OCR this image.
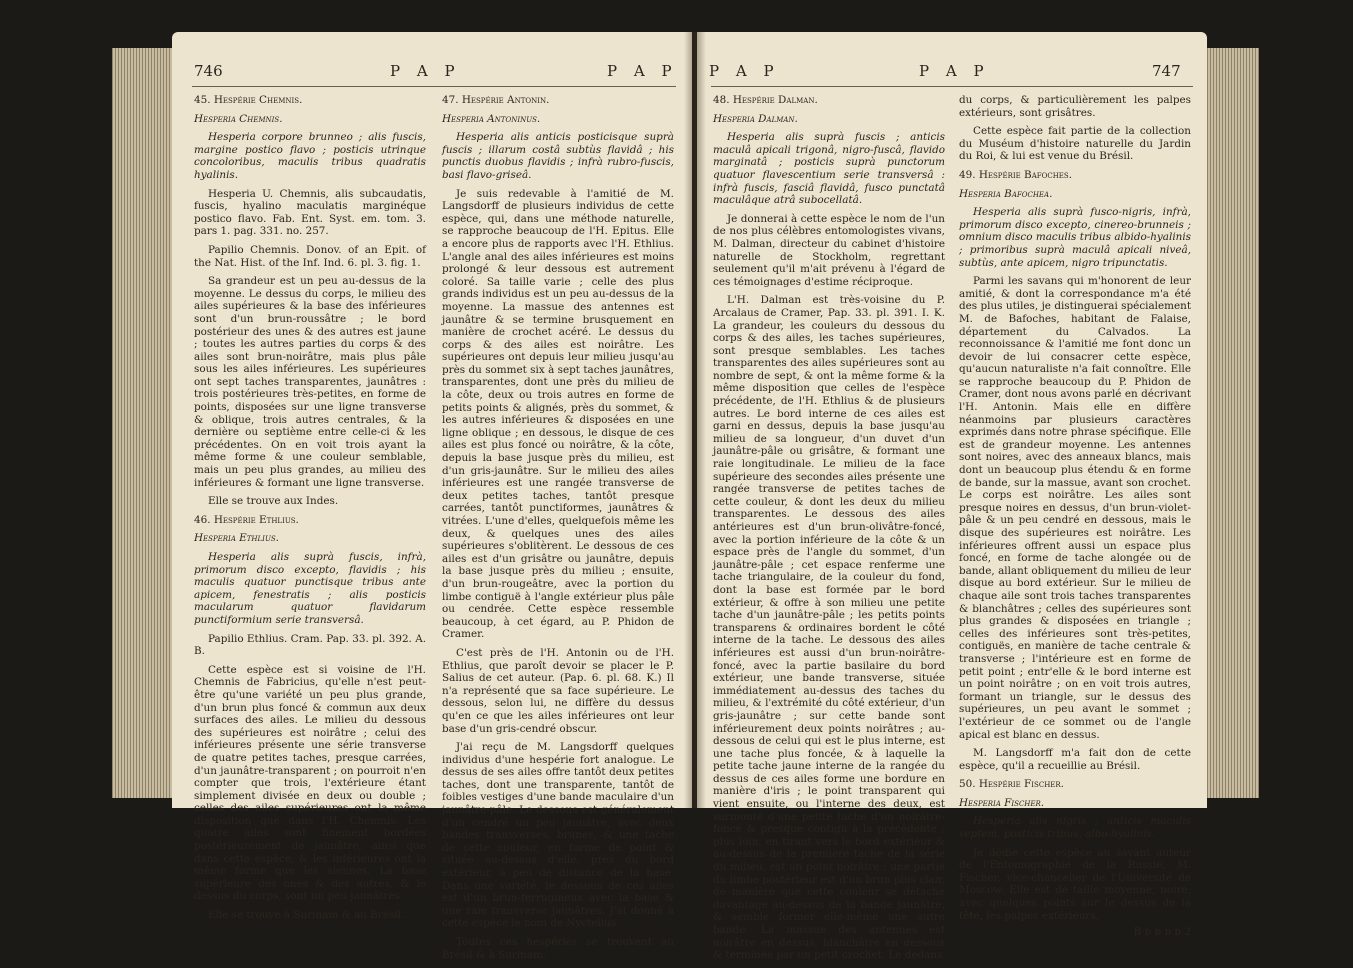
746	P A P	P A P
45. Hespérie Chemnis.
Hesperia Chemnis.

Hesperia corpore brunneo ; alis fuscis, margine postico flavo ; posticis utrinque concoloribus, maculis tribus quadratis hyalinis.

Hesperia U. Chemnis, alis subcaudatis, fuscis, hyalino maculatis marginéque postico flavo. Fab. Ent. Syst. em. tom. 3. pars 1. pag. 331. no. 257.

Papilio Chemnis. Donov. of an Epit. of the Nat. Hist. of the Inf. Ind. 6. pl. 3. fig. 1.

Sa grandeur est un peu au-dessus de la moyenne. Le dessus du corps, le milieu des ailes supérieures & la base des inférieures sont d'un brun-roussâtre ; le bord postérieur des unes & des autres est jaune ; toutes les autres parties du corps & des ailes sont brun-noirâtre, mais plus pâle sous les ailes inférieures. Les supérieures ont sept taches transparentes, jaunâtres : trois postérieures très-petites, en forme de points, disposées sur une ligne transverse & oblique, trois autres centrales, & la dernière ou septième entre celle-ci & les précédentes. On en voit trois ayant la même forme & une couleur semblable, mais un peu plus grandes, au milieu des inférieures & formant une ligne transverse.

Elle se trouve aux Indes.

46. Hespérie Ethlius.
Hesperia Ethlius.

Hesperia alis suprà fuscis, infrà, primorum disco excepto, flavidis ; his maculis quatuor punctisque tribus ante apicem, fenestratis ; alis posticis macularum quatuor flavidarum punctiformium serie transversâ.

Papilio Ethlius. Cram. Pap. 33. pl. 392. A. B.

Cette espèce est si voisine de l'H. Chemnis de Fabricius, qu'elle n'est peut-être qu'une variété un peu plus grande, d'un brun plus foncé & commun aux deux surfaces des ailes. Le milieu du dessous des supérieures est noirâtre ; celui des inférieures présente une série transverse de quatre petites taches, presque carrées, d'un jaunâtre-transparent ; on pourroit n'en compter que trois, l'extérieure étant simplement divisée en deux ou double ; celles des ailes supérieures ont la même disposition que dans l'H. Chemnis. Les quatre ailes sont finement bordées postérieurement de jaunâtre, ainsi que dans cette espèce, & les inférieures ont la même forme que les siennes. La base supérieure des unes & des autres, & le dessus du corps, sont un peu jaunâtres.

Elle se trouve à Surinam & au Brésil.

47. Hespérie Antonin.
Hesperia Antoninus.

Hesperia alis anticis posticisque suprà fuscis ; illarum costâ subtùs flavidâ ; his punctis duobus flavidis ; infrà rubro-fuscis, basi flavo-griseâ.

Je suis redevable à l'amitié de M. Langsdorff de plusieurs individus de cette espèce, qui, dans une méthode naturelle, se rapproche beaucoup de l'H. Epitus. Elle a encore plus de rapports avec l'H. Ethlius. L'angle anal des ailes inférieures est moins prolongé & leur dessous est autrement coloré. Sa taille varie ; celle des plus grands individus est un peu au-dessus de la moyenne. La massue des antennes est jaunâtre & se termine brusquement en manière de crochet acéré. Le dessus du corps & des ailes est noirâtre. Les supérieures ont depuis leur milieu jusqu'au près du sommet six à sept taches jaunâtres, transparentes, dont une près du milieu de la côte, deux ou trois autres en forme de petits points & alignés, près du sommet, & les autres inférieures & disposées en une ligne oblique ; en dessous, le disque de ces ailes est plus foncé ou noirâtre, & la côte, depuis la base jusque près du milieu, est d'un gris-jaunâtre. Sur le milieu des ailes inférieures est une rangée transverse de deux petites taches, tantôt presque carrées, tantôt punctiformes, jaunâtres & vitrées. L'une d'elles, quelquefois même les deux, & quelques unes des ailes supérieures s'oblitèrent. Le dessous de ces ailes est d'un grisâtre ou jaunâtre, depuis la base jusque près du milieu ; ensuite, d'un brun-rougeâtre, avec la portion du limbe contiguë à l'angle extérieur plus pâle ou cendrée. Cette espèce ressemble beaucoup, à cet égard, au P. Phidon de Cramer.

C'est près de l'H. Antonin ou de l'H. Ethlius, que paroît devoir se placer le P. Salius de cet auteur. (Pap. 6. pl. 68. K.) Il n'a représenté que sa face supérieure. Le dessous, selon lui, ne diffère du dessus qu'en ce que les ailes inférieures ont leur base d'un gris-cendré obscur.

J'ai reçu de M. Langsdorff quelques individus d'une hespérie fort analogue. Le dessus de ses ailes offre tantôt deux petites taches, dont une transparente, tantôt de foibles vestiges d'une bande maculaire d'un jaunâtre-pâle. Le dessous est généralement d'un cendré un peu jaunâtre, avec deux bandes transverses, brunes, & une tache de cette couleur, en forme de point & située au-dessus d'elle, près du bord extérieur, à peu de distance de la base. Dans une variété, le dessous de ces ailes est d'un brun-ferrugineux avec la base & une raie transverse jaunâtres. J'ai donné à cette espèce le nom de Nyctelius.

Toutes ces hespéries se trouvent au Brésil & à Surinam.

P A P	P A P	747
48. Hespérie Dalman.
Hesperia Dalman.

Hesperia alis suprà fuscis ; anticis maculâ apicali trigonâ, nigro-fuscâ, flavido marginatâ ; posticis suprà punctorum quatuor flavescentium serie transversâ : infrà fuscis, fasciâ flavidâ, fusco punctatâ maculâque atrâ subocellatâ.

Je donnerai à cette espèce le nom de l'un de nos plus célèbres entomologistes vivans, M. Dalman, directeur du cabinet d'histoire naturelle de Stockholm, regrettant seulement qu'il m'ait prévenu à l'égard de ces témoignages d'estime réciproque.

L'H. Dalman est très-voisine du P. Arcalaus de Cramer, Pap. 33. pl. 391. I. K. La grandeur, les couleurs du dessous du corps & des ailes, les taches supérieures, sont presque semblables. Les taches transparentes des ailes supérieures sont au nombre de sept, & ont la même forme & la même disposition que celles de l'espèce précédente, de l'H. Ethlius & de plusieurs autres. Le bord interne de ces ailes est garni en dessus, depuis la base jusqu'au milieu de sa longueur, d'un duvet d'un jaunâtre-pâle ou grisâtre, & formant une raie longitudinale. Le milieu de la face supérieure des secondes ailes présente une rangée transverse de petites taches de cette couleur, & dont les deux du milieu transparentes. Le dessous des ailes antérieures est d'un brun-olivâtre-foncé, avec la portion inférieure de la côte & un espace près de l'angle du sommet, d'un jaunâtre-pâle ; cet espace renferme une tache triangulaire, de la couleur du fond, dont la base est formée par le bord extérieur, & offre à son milieu une petite tache d'un jaunâtre-pâle ; les petits points transparens & ordinaires bordent le côté interne de la tache. Le dessous des ailes inférieures est aussi d'un brun-noirâtre-foncé, avec la partie basilaire du bord extérieur, une bande transverse, située immédiatement au-dessus des taches du milieu, & l'extrémité du côté extérieur, d'un gris-jaunâtre ; sur cette bande sont inférieurement deux points noirâtres ; au-dessous de celui qui est le plus interne, est une tache plus foncée, & à laquelle la petite tache jaune interne de la rangée du dessus de ces ailes forme une bordure en manière d'iris ; le point transparent qui vient ensuite, ou l'interne des deux, est surmonté d'une petite tache d'un noirâtre-foncé & presque contigu à la précédente ; plus loin, en tirant vers le bord extérieur & au-dessus de la première tache de la série du milieu, est un point noirâtre ; une partie du limbe postérieur est d'un brun plus clair, de manière que cette couleur se détache davantage au-dessus de la bande jaunâtre, & semble former elle-même une autre bande. La massue des antennes est noirâtre en dessus, blanchâtre en dessous & terminée par un petit crochet. Le dedans

du corps, & particulièrement les palpes extérieurs, sont grisâtres.

Cette espèce fait partie de la collection du Muséum d'histoire naturelle du Jardin du Roi, & lui est venue du Brésil.

49. Hespérie Bafoches.
Hesperia Bafochea.

Hesperia alis suprà fusco-nigris, infrà, primorum disco excepto, cinereo-brunneis ; omnium disco maculis tribus albido-hyalinis ; primoribus suprà maculâ apicali niveâ, subtùs, ante apicem, nigro tripunctatis.

Parmi les savans qui m'honorent de leur amitié, & dont la correspondance m'a été des plus utiles, je distinguerai spécialement M. de Bafoches, habitant de Falaise, département du Calvados. La reconnoissance & l'amitié me font donc un devoir de lui consacrer cette espèce, qu'aucun naturaliste n'a fait connoître. Elle se rapproche beaucoup du P. Phidon de Cramer, dont nous avons parlé en décrivant l'H. Antonin. Mais elle en diffère néanmoins par plusieurs caractères exprimés dans notre phrase spécifique. Elle est de grandeur moyenne. Les antennes sont noires, avec des anneaux blancs, mais dont un beaucoup plus étendu & en forme de bande, sur la massue, avant son crochet. Le corps est noirâtre. Les ailes sont presque noires en dessus, d'un brun-violet-pâle & un peu cendré en dessous, mais le disque des supérieures est noirâtre. Les inférieures offrent aussi un espace plus foncé, en forme de tache alongée ou de bande, allant obliquement du milieu de leur disque au bord extérieur. Sur le milieu de chaque aile sont trois taches transparentes & blanchâtres ; celles des supérieures sont plus grandes & disposées en triangle ; celles des inférieures sont très-petites, contiguës, en manière de tache centrale & transverse ; l'intérieure est en forme de petit point ; entr'elle & le bord interne est un point noirâtre ; on en voit trois autres, formant un triangle, sur le dessus des supérieures, un peu avant le sommet ; l'extérieur de ce sommet ou de l'angle apical est blanc en dessus.

M. Langsdorff m'a fait don de cette espèce, qu'il a recueillie au Brésil.

50. Hespérie Fischer.
Hesperia Fischer.

Hesperia alis nigris ; anticis maculis septem, posticis tribus, albo-hyalinis.

Je dédie cette espèce au savant auteur de l'Entomographie de la Russie, M. Fischer, vice-chancelier de l'Université de Moscow. Elle est de taille moyenne, noire, avec quelques points sur le dessus de la tête, les palpes extérieurs,

B b b b b 2
